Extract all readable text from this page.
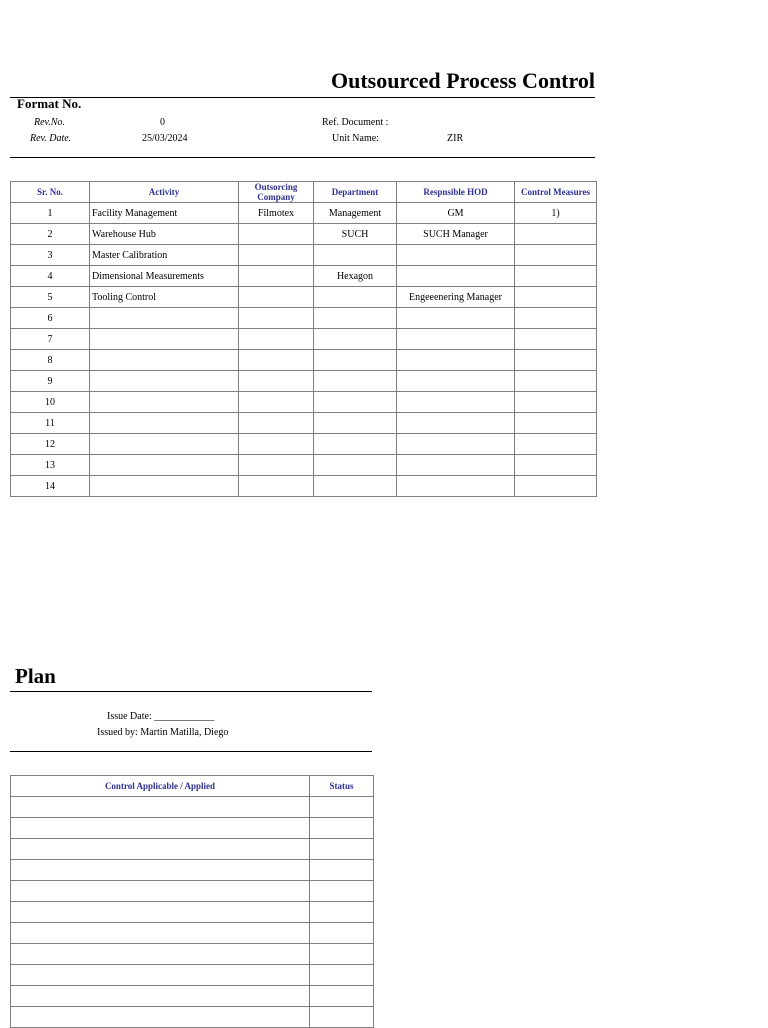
Outsourced Process Control
Format No.
Rev.No.	0	Ref. Document :
Rev. Date.	25/03/2024	Unit Name:	ZIR
Sr. No.	Activity	Outsorcing Company	Department	Respnsible HOD	Control Measures
1	Facility Management	Filmotex	Management	GM	1)
2	Warehouse Hub		SUCH	SUCH Manager	
3	Master Calibration				
4	Dimensional Measurements		Hexagon		
5	Tooling Control			Engeeenering Manager	
6					
7					
8					
9					
10					
11					
12					
13					
14					
Plan
Issue Date: ____________
Issued by: Martin Matilla, Diego
Control Applicable / Applied	Status
